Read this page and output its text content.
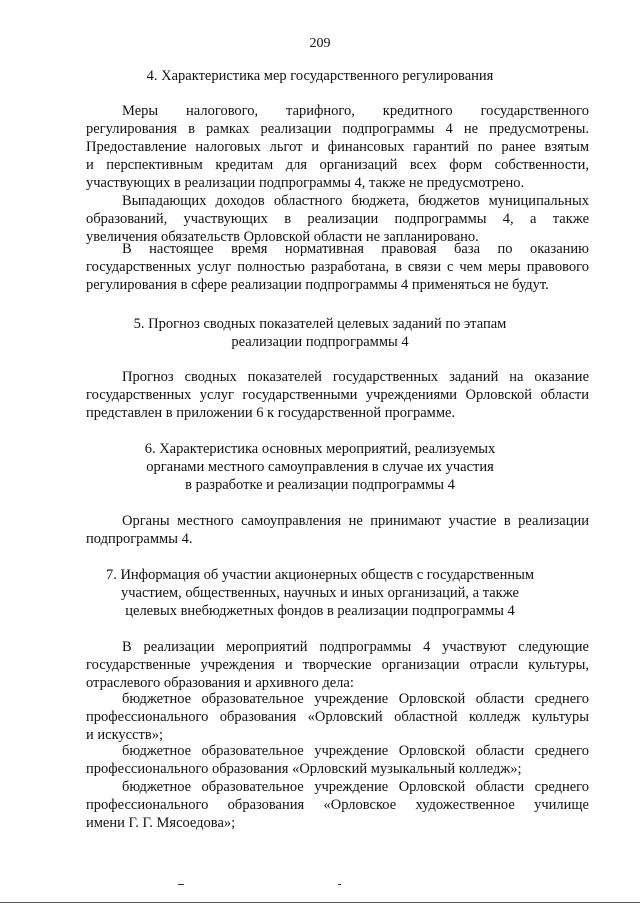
209
4. Характеристика мер государственного регулирования
Меры налогового, тарифного, кредитного государственного
регулирования в рамках реализации подпрограммы 4 не предусмотрены.
Предоставление налоговых льгот и финансовых гарантий по ранее взятым
и перспективным кредитам для организаций всех форм собственности,
участвующих в реализации подпрограммы 4, также не предусмотрено.
Выпадающих доходов областного бюджета, бюджетов муниципальных
образований, участвующих в реализации подпрограммы 4, а также
увеличения обязательств Орловской области не запланировано.
В настоящее время нормативная правовая база по оказанию
государственных услуг полностью разработана, в связи с чем меры правового
регулирования в сфере реализации подпрограммы 4 применяться не будут.
5. Прогноз сводных показателей целевых заданий по этапам
реализации подпрограммы 4
Прогноз сводных показателей государственных заданий на оказание
государственных услуг государственными учреждениями Орловской области
представлен в приложении 6 к государственной программе.
6. Характеристика основных мероприятий, реализуемых
органами местного самоуправления в случае их участия
в разработке и реализации подпрограммы 4
Органы местного самоуправления не принимают участие в реализации
подпрограммы 4.
7. Информация об участии акционерных обществ с государственным
участием, общественных, научных и иных организаций, а также
целевых внебюджетных фондов в реализации подпрограммы 4
В реализации мероприятий подпрограммы 4 участвуют следующие
государственные учреждения и творческие организации отрасли культуры,
отраслевого образования и архивного дела:
бюджетное образовательное учреждение Орловской области среднего
профессионального образования «Орловский областной колледж культуры
и искусств»;
бюджетное образовательное учреждение Орловской области среднего
профессионального образования «Орловский музыкальный колледж»;
бюджетное образовательное учреждение Орловской области среднего
профессионального образования «Орловское художественное училище
имени Г. Г. Мясоедова»;
